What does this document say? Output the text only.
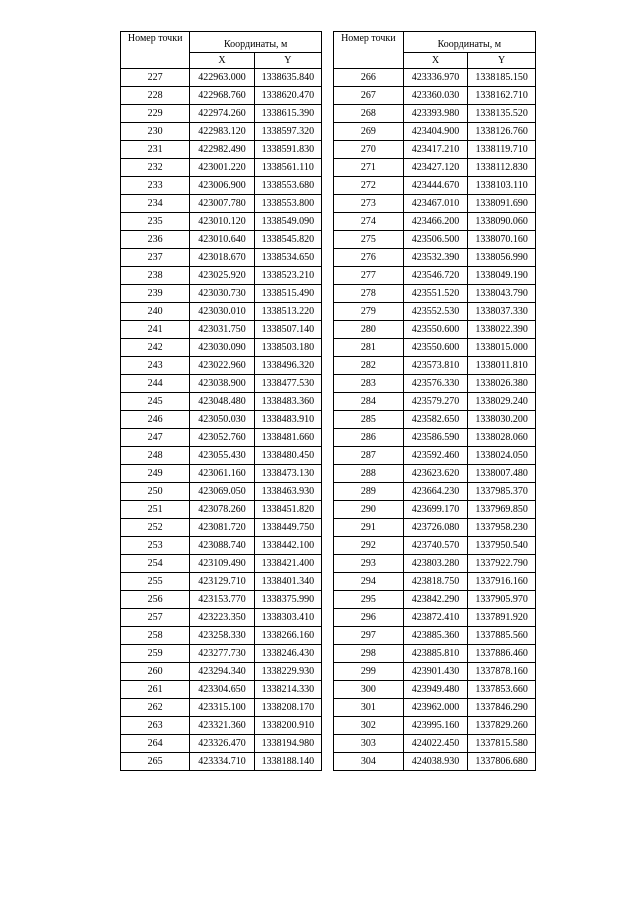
Номер точки	Координаты, м	
	X	Y
227	422963.000	1338635.840
228	422968.760	1338620.470
229	422974.260	1338615.390
230	422983.120	1338597.320
231	422982.490	1338591.830
232	423001.220	1338561.110
233	423006.900	1338553.680
234	423007.780	1338553.800
235	423010.120	1338549.090
236	423010.640	1338545.820
237	423018.670	1338534.650
238	423025.920	1338523.210
239	423030.730	1338515.490
240	423030.010	1338513.220
241	423031.750	1338507.140
242	423030.090	1338503.180
243	423022.960	1338496.320
244	423038.900	1338477.530
245	423048.480	1338483.360
246	423050.030	1338483.910
247	423052.760	1338481.660
248	423055.430	1338480.450
249	423061.160	1338473.130
250	423069.050	1338463.930
251	423078.260	1338451.820
252	423081.720	1338449.750
253	423088.740	1338442.100
254	423109.490	1338421.400
255	423129.710	1338401.340
256	423153.770	1338375.990
257	423223.350	1338303.410
258	423258.330	1338266.160
259	423277.730	1338246.430
260	423294.340	1338229.930
261	423304.650	1338214.330
262	423315.100	1338208.170
263	423321.360	1338200.910
264	423326.470	1338194.980
265	423334.710	1338188.140
Номер точки	Координаты, м	
	X	Y
266	423336.970	1338185.150
267	423360.030	1338162.710
268	423393.980	1338135.520
269	423404.900	1338126.760
270	423417.210	1338119.710
271	423427.120	1338112.830
272	423444.670	1338103.110
273	423467.010	1338091.690
274	423466.200	1338090.060
275	423506.500	1338070.160
276	423532.390	1338056.990
277	423546.720	1338049.190
278	423551.520	1338043.790
279	423552.530	1338037.330
280	423550.600	1338022.390
281	423550.600	1338015.000
282	423573.810	1338011.810
283	423576.330	1338026.380
284	423579.270	1338029.240
285	423582.650	1338030.200
286	423586.590	1338028.060
287	423592.460	1338024.050
288	423623.620	1338007.480
289	423664.230	1337985.370
290	423699.170	1337969.850
291	423726.080	1337958.230
292	423740.570	1337950.540
293	423803.280	1337922.790
294	423818.750	1337916.160
295	423842.290	1337905.970
296	423872.410	1337891.920
297	423885.360	1337885.560
298	423885.810	1337886.460
299	423901.430	1337878.160
300	423949.480	1337853.660
301	423962.000	1337846.290
302	423995.160	1337829.260
303	424022.450	1337815.580
304	424038.930	1337806.680
